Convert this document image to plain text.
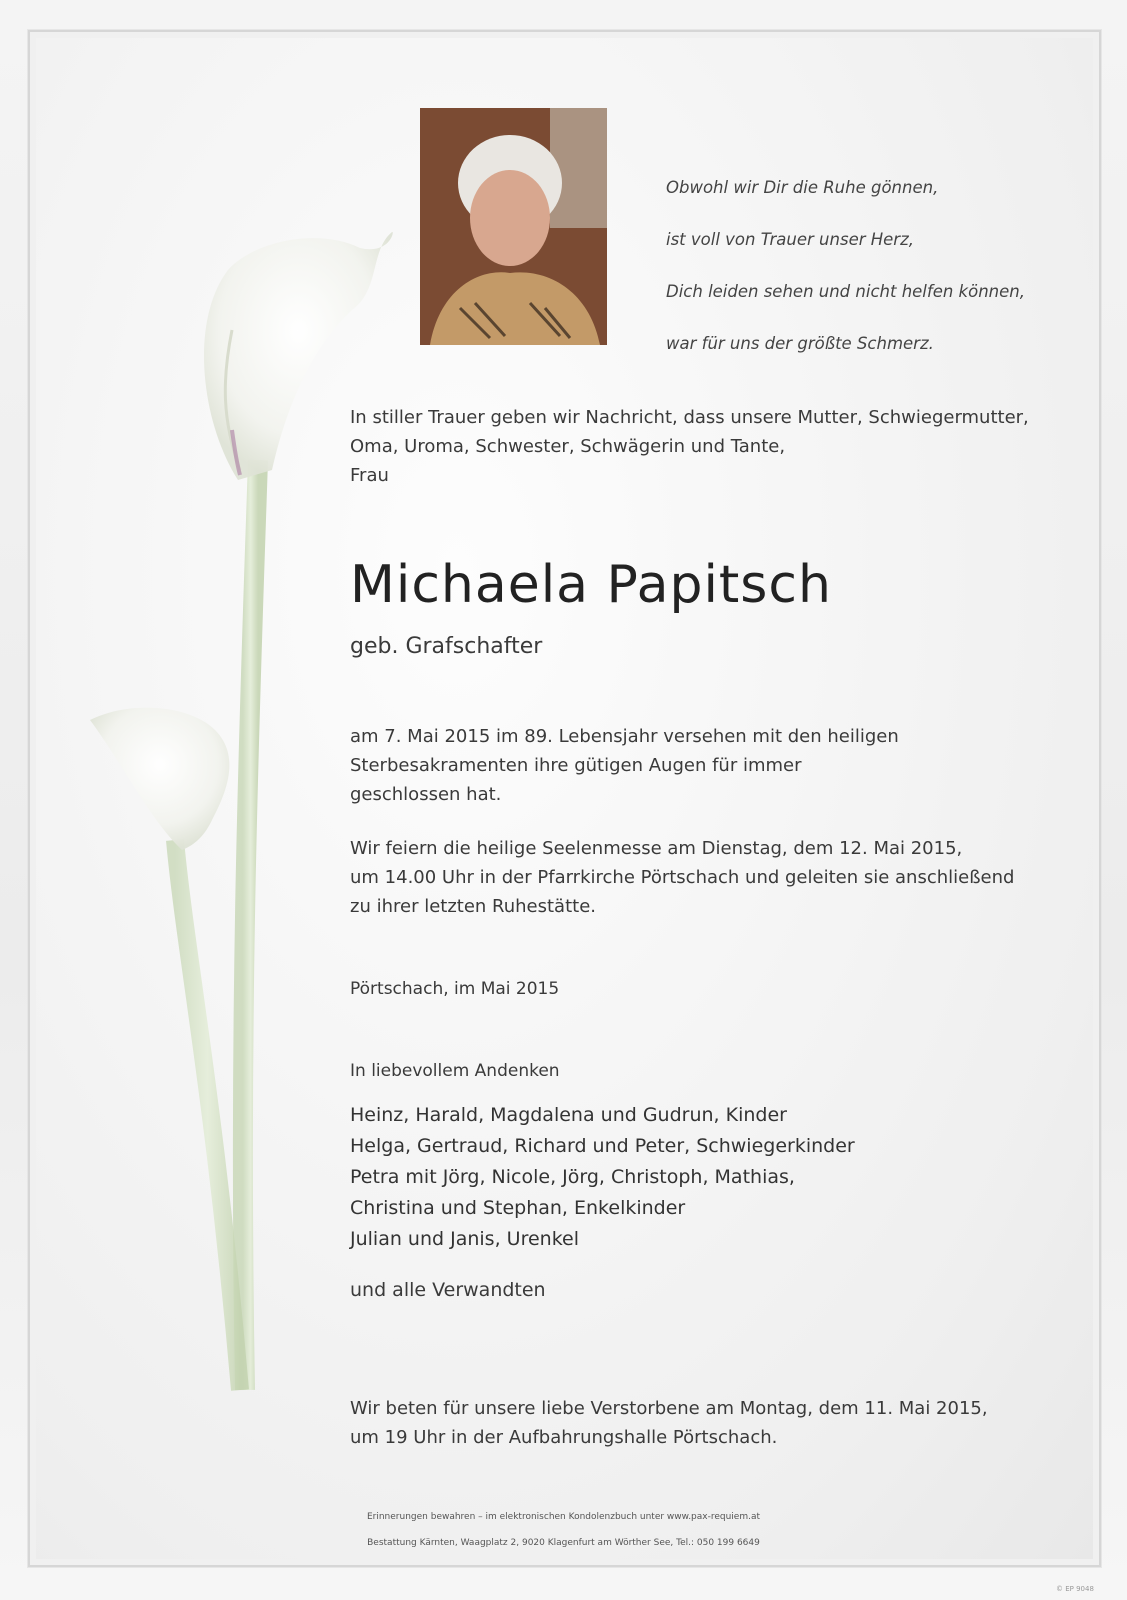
Obwohl wir Dir die Ruhe gönnen,

ist voll von Trauer unser Herz,

Dich leiden sehen und nicht helfen können,

war für uns der größte Schmerz.

In stiller Trauer geben wir Nachricht, dass unsere Mutter, Schwiegermutter,
Oma, Uroma, Schwester, Schwägerin und Tante,
Frau
Michaela Papitsch
geb. Grafschafter
am 7. Mai 2015 im 89. Lebensjahr versehen mit den heiligen
Sterbesakramenten ihre gütigen Augen für immer
geschlossen hat.
Wir feiern die heilige Seelenmesse am Dienstag, dem 12. Mai 2015,
um 14.00 Uhr in der Pfarrkirche Pörtschach und geleiten sie anschließend
zu ihrer letzten Ruhestätte.
Pörtschach, im Mai 2015
In liebevollem Andenken
Heinz, Harald, Magdalena und Gudrun, Kinder
Helga, Gertraud, Richard und Peter, Schwiegerkinder
Petra mit Jörg, Nicole, Jörg, Christoph, Mathias,
Christina und Stephan, Enkelkinder
Julian und Janis, Urenkel
und alle Verwandten
Wir beten für unsere liebe Verstorbene am Montag, dem 11. Mai 2015,
um 19 Uhr in der Aufbahrungshalle Pörtschach.
Erinnerungen bewahren – im elektronischen Kondolenzbuch unter www.pax-requiem.at
Bestattung Kärnten, Waagplatz 2, 9020 Klagenfurt am Wörther See, Tel.: 050 199 6649
© EP 9048
